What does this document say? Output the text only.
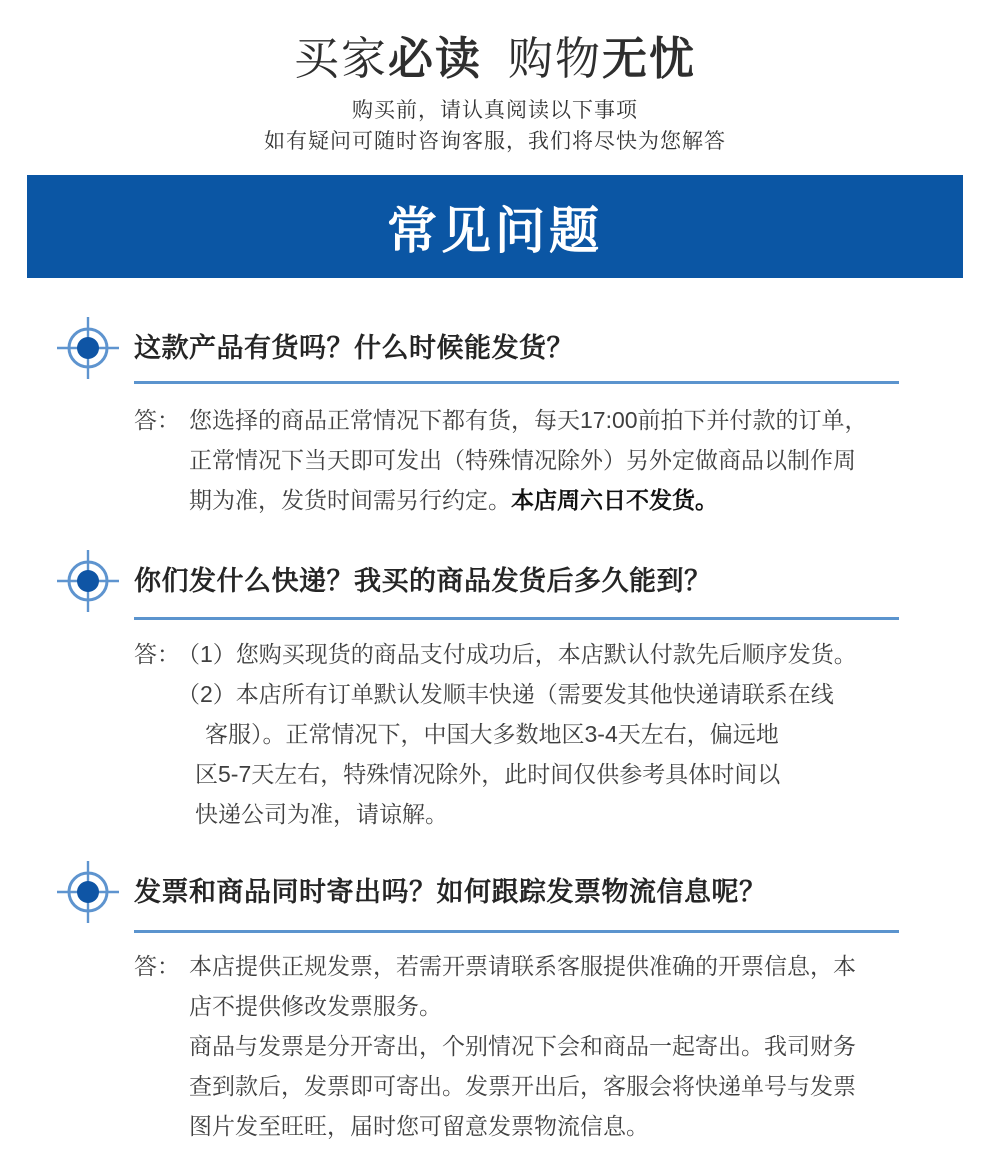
买家必读 购物无忧
购买前，请认真阅读以下事项
如有疑问可随时咨询客服，我们将尽快为您解答
常见问题
这款产品有货吗？什么时候能发货？
答： 您选择的商品正常情况下都有货，每天17:00前拍下并付款的订单，
正常情况下当天即可发出（特殊情况除外）另外定做商品以制作周
期为准，发货时间需另行约定。本店周六日不发货。
你们发什么快递？我买的商品发货后多久能到？
答：
（1）您购买现货的商品支付成功后，本店默认付款先后顺序发货。
（2）本店所有订单默认发顺丰快递（需要发其他快递请联系在线
客服）。正常情况下，中国大多数地区3-4天左右，偏远地
区5-7天左右，特殊情况除外，此时间仅供参考具体时间以
快递公司为准，请谅解。
发票和商品同时寄出吗？如何跟踪发票物流信息呢？
答： 本店提供正规发票，若需开票请联系客服提供准确的开票信息，本
店不提供修改发票服务。
商品与发票是分开寄出，个别情况下会和商品一起寄出。我司财务
查到款后，发票即可寄出。发票开出后，客服会将快递单号与发票
图片发至旺旺，届时您可留意发票物流信息。
